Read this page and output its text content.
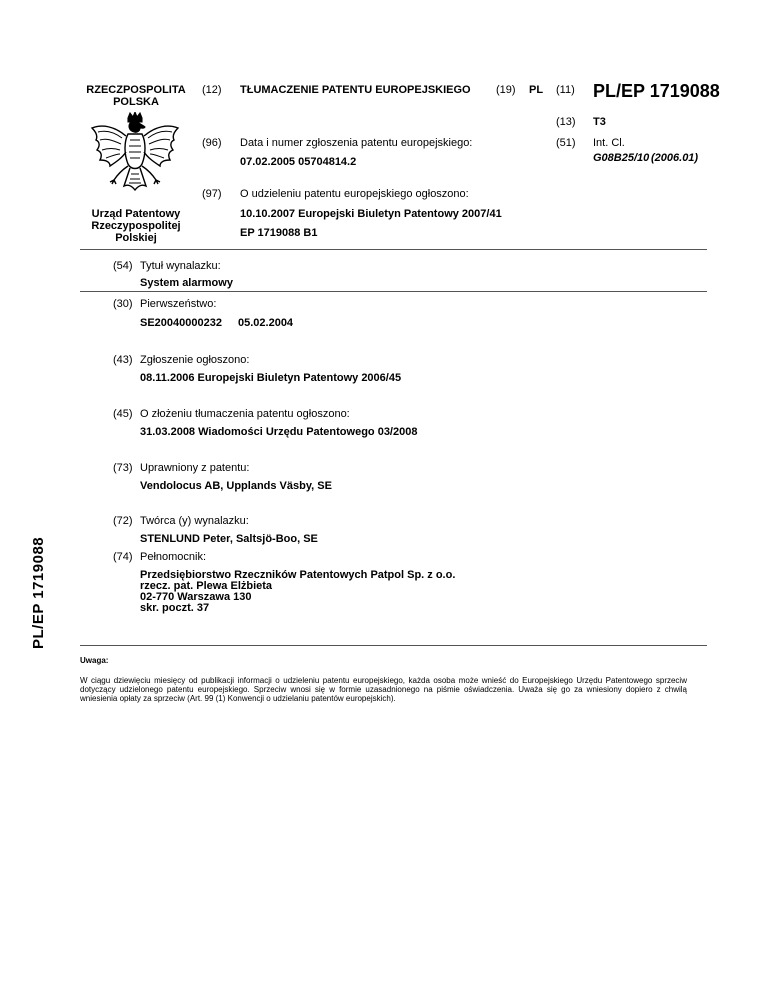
RZECZPOSPOLITA
POLSKA
Urząd Patentowy
Rzeczypospolitej
Polskiej
(12) TŁUMACZENIE PATENTU EUROPEJSKIEGO (19) PL (11) PL/EP 1719088
(13) T3
(96) Data i numer zgłoszenia patentu europejskiego:
07.02.2005 05704814.2
(51) Int. Cl.
G08B25/10 (2006.01)
(97) O udzieleniu patentu europejskiego ogłoszono:
10.10.2007 Europejski Biuletyn Patentowy 2007/41
EP 1719088 B1
(54) Tytuł wynalazku:
System alarmowy
(30) Pierwszeństwo:
SE20040000232 05.02.2004
(43) Zgłoszenie ogłoszono:
08.11.2006 Europejski Biuletyn Patentowy 2006/45
(45) O złożeniu tłumaczenia patentu ogłoszono:
31.03.2008 Wiadomości Urzędu Patentowego 03/2008
(73) Uprawniony z patentu:
Vendolocus AB, Upplands Väsby, SE
(72) Twórca (y) wynalazku:
STENLUND Peter, Saltsjö-Boo, SE
(74) Pełnomocnik:
Przedsiębiorstwo Rzeczników Patentowych Patpol Sp. z o.o.
rzecz. pat. Plewa Elżbieta
02-770 Warszawa 130
skr. poczt. 37
PL/EP 1719088
Uwaga:
W ciągu dziewięciu miesięcy od publikacji informacji o udzieleniu patentu europejskiego, każda osoba może wnieść do Europejskiego Urzędu Patentowego sprzeciw dotyczący udzielonego patentu europejskiego. Sprzeciw wnosi się w formie uzasadnionego na piśmie oświadczenia. Uważa się go za wniesiony dopiero z chwilą wniesienia opłaty za sprzeciw (Art. 99 (1) Konwencji o udzielaniu patentów europejskich).
